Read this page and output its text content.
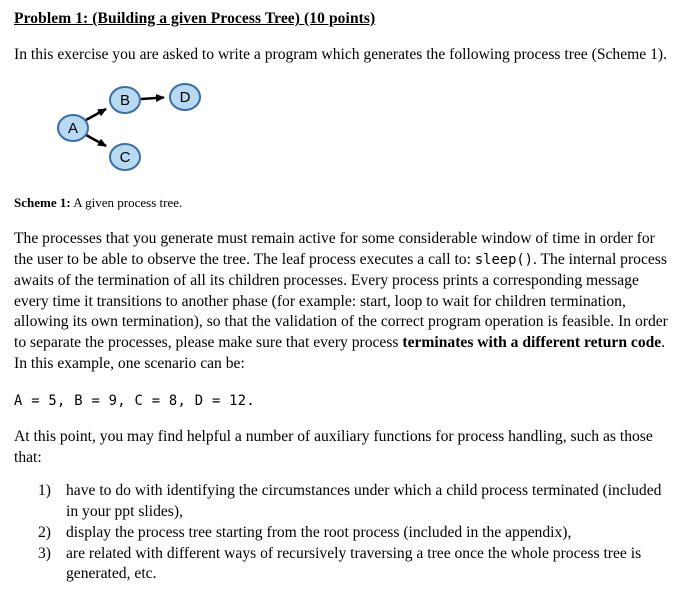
Problem 1: (Building a given Process Tree) (10 points)
In this exercise you are asked to write a program which generates the following process tree (Scheme 1).
A
B
C
D
Scheme 1: A given process tree.
The processes that you generate must remain active for some considerable window of time in order for the user to be able to observe the tree. The leaf process executes a call to: sleep(). The internal process awaits of the termination of all its children processes. Every process prints a corresponding message every time it transitions to another phase (for example: start, loop to wait for children termination, allowing its own termination), so that the validation of the correct program operation is feasible. In order to separate the processes, please make sure that every process terminates with a different return code. In this example, one scenario can be:
A = 5, B = 9, C = 8, D = 12.
At this point, you may find helpful a number of auxiliary functions for process handling, such as those that:
1) have to do with identifying the circumstances under which a child process terminated (included in your ppt slides),
2) display the process tree starting from the root process (included in the appendix),
3) are related with different ways of recursively traversing a tree once the whole process tree is generated, etc.
